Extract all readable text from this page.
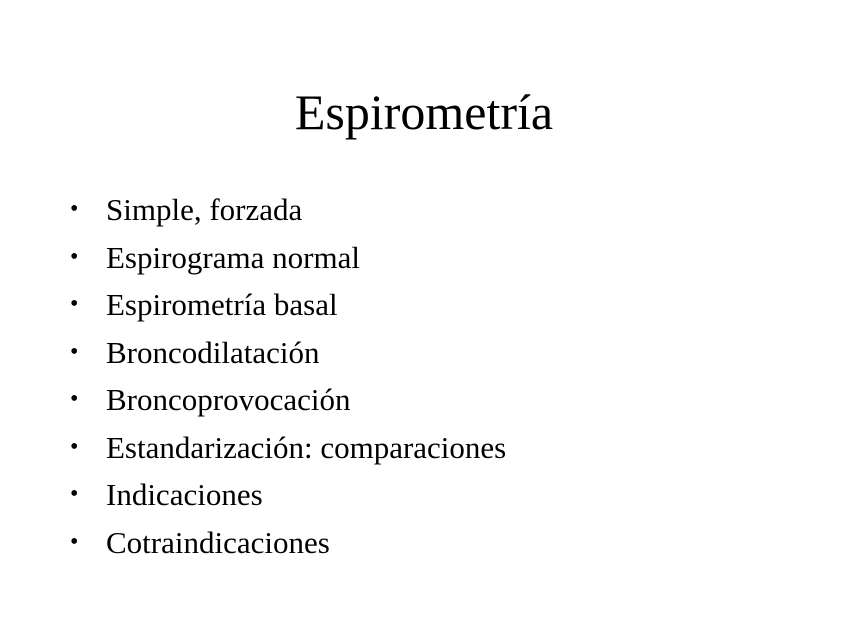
Espirometría
• Simple, forzada
• Espirograma normal
• Espirometría basal
• Broncodilatación
• Broncoprovocación
• Estandarización: comparaciones
• Indicaciones
• Cotraindicaciones
